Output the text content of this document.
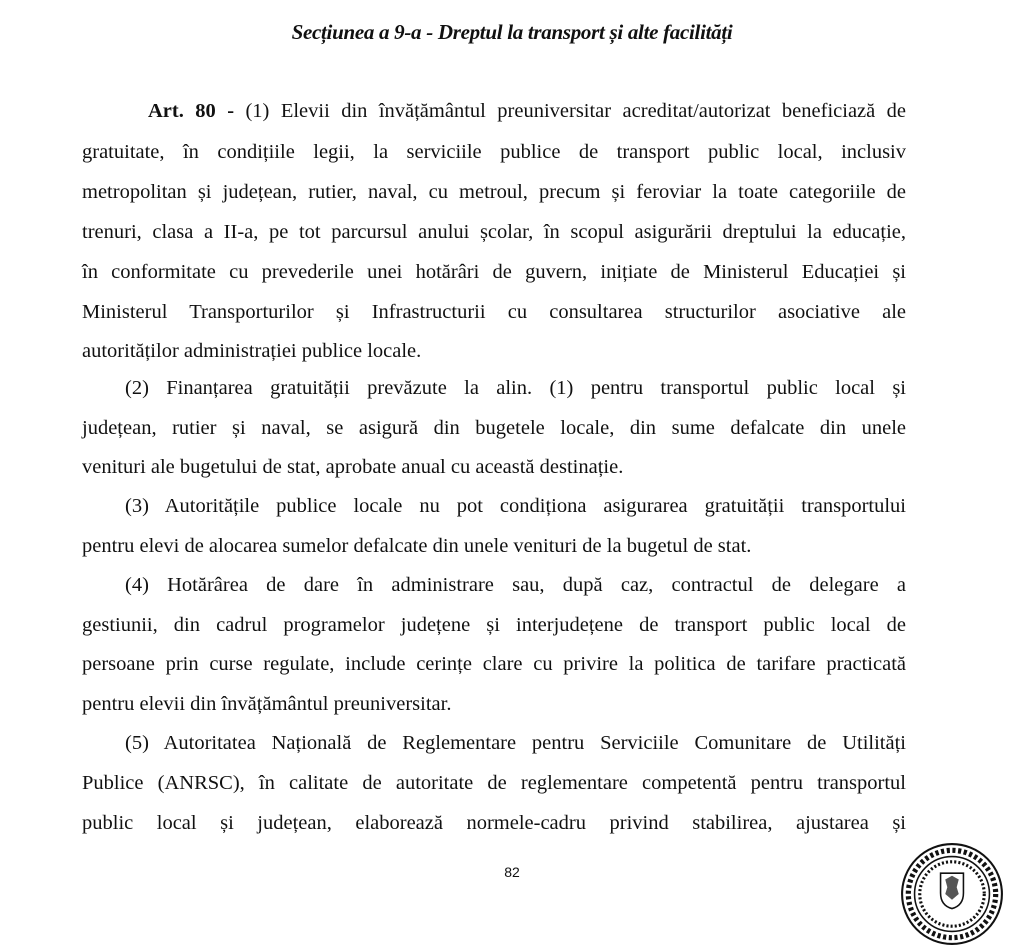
Secțiunea a 9-a - Dreptul la transport și alte facilități
Art. 80 - (1) Elevii din învățământul preuniversitar acreditat/autorizat beneficiază de
gratuitate, în condițiile legii, la serviciile publice de transport public local, inclusiv
metropolitan și județean, rutier, naval, cu metroul, precum și feroviar la toate categoriile de
trenuri, clasa a II-a, pe tot parcursul anului școlar, în scopul asigurării dreptului la educație,
în conformitate cu prevederile unei hotărâri de guvern, inițiate de Ministerul Educației și
Ministerul Transporturilor și Infrastructurii cu consultarea structurilor asociative ale
autorităților administrației publice locale.
(2) Finanțarea gratuității prevăzute la alin. (1) pentru transportul public local și
județean, rutier și naval, se asigură din bugetele locale, din sume defalcate din unele
venituri ale bugetului de stat, aprobate anual cu această destinație.
(3) Autoritățile publice locale nu pot condiționa asigurarea gratuității transportului
pentru elevi de alocarea sumelor defalcate din unele venituri de la bugetul de stat.
(4) Hotărârea de dare în administrare sau, după caz, contractul de delegare a
gestiunii, din cadrul programelor județene și interjudețene de transport public local de
persoane prin curse regulate, include cerințe clare cu privire la politica de tarifare practicată
pentru elevii din învățământul preuniversitar.
(5) Autoritatea Națională de Reglementare pentru Serviciile Comunitare de Utilități
Publice (ANRSC), în calitate de autoritate de reglementare competentă pentru transportul
public local și județean, elaborează normele-cadru privind stabilirea, ajustarea și
82
